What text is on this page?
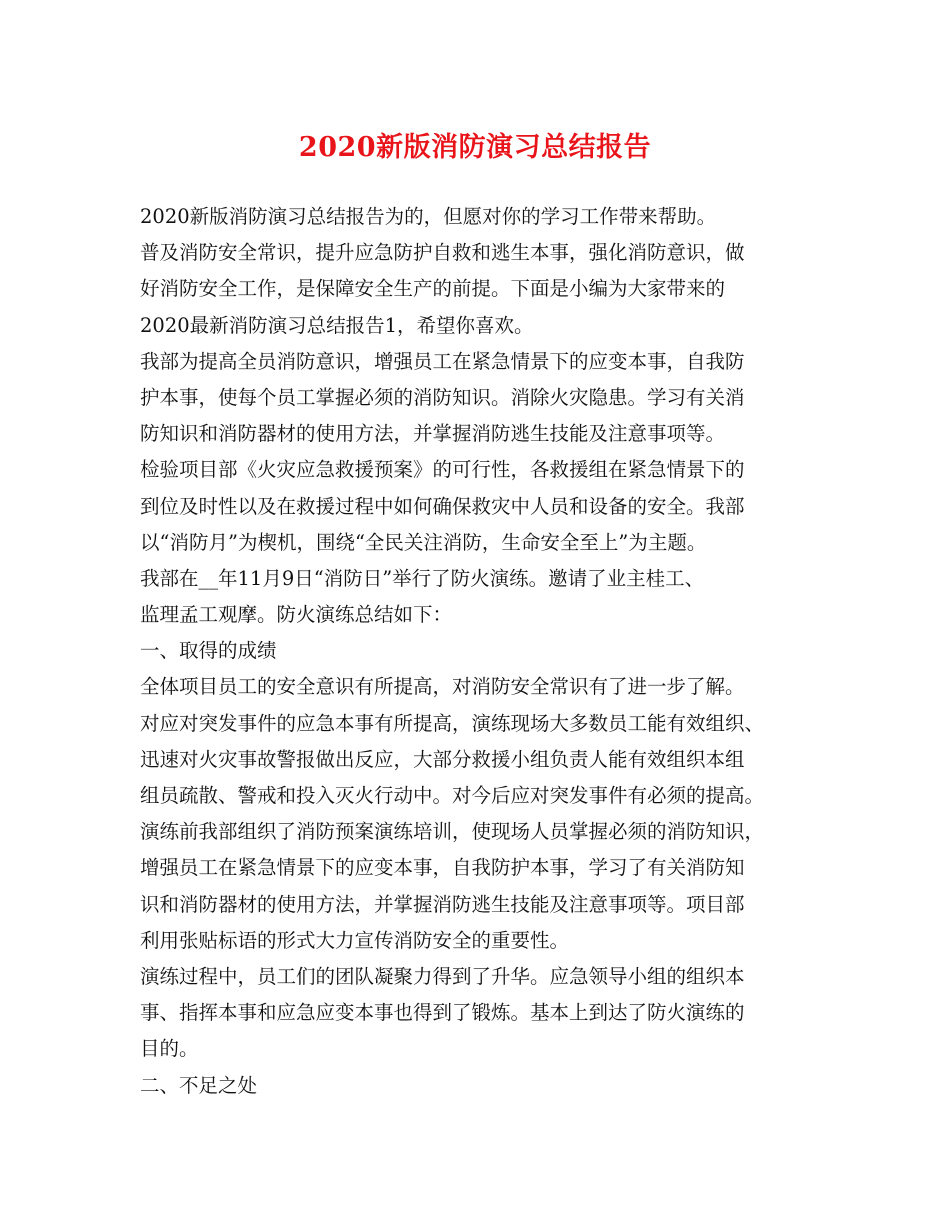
2020新版消防演习总结报告
2020新版消防演习总结报告为的，但愿对你的学习工作带来帮助。
普及消防安全常识，提升应急防护自救和逃生本事，强化消防意识，做
好消防安全工作，是保障安全生产的前提。下面是小编为大家带来的
2020最新消防演习总结报告1，希望你喜欢。
我部为提高全员消防意识，增强员工在紧急情景下的应变本事，自我防
护本事，使每个员工掌握必须的消防知识。消除火灾隐患。学习有关消
防知识和消防器材的使用方法，并掌握消防逃生技能及注意事项等。
检验项目部《火灾应急救援预案》的可行性，各救援组在紧急情景下的
到位及时性以及在救援过程中如何确保救灾中人员和设备的安全。我部
以“消防月”为楔机，围绕“全民关注消防，生命安全至上”为主题。
我部在__年11月9日“消防日”举行了防火演练。邀请了业主桂工、
监理孟工观摩。防火演练总结如下：
一、取得的成绩
全体项目员工的安全意识有所提高，对消防安全常识有了进一步了解。
对应对突发事件的应急本事有所提高，演练现场大多数员工能有效组织、
迅速对火灾事故警报做出反应，大部分救援小组负责人能有效组织本组
组员疏散、警戒和投入灭火行动中。对今后应对突发事件有必须的提高。
演练前我部组织了消防预案演练培训，使现场人员掌握必须的消防知识，
增强员工在紧急情景下的应变本事，自我防护本事，学习了有关消防知
识和消防器材的使用方法，并掌握消防逃生技能及注意事项等。项目部
利用张贴标语的形式大力宣传消防安全的重要性。
演练过程中，员工们的团队凝聚力得到了升华。应急领导小组的组织本
事、指挥本事和应急应变本事也得到了锻炼。基本上到达了防火演练的
目的。
二、不足之处
